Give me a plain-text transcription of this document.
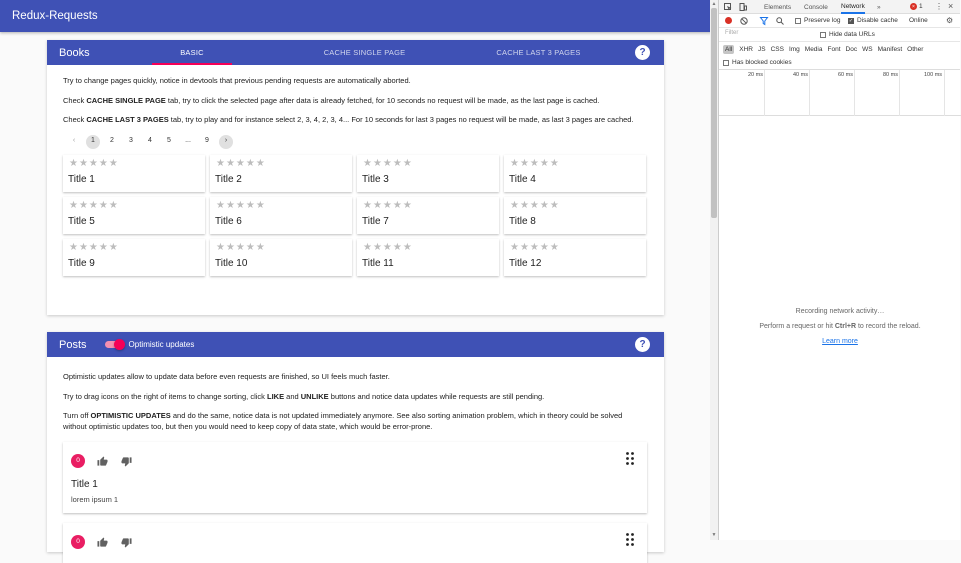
Redux-Requests
Books	BASIC	CACHE SINGLE PAGE	CACHE LAST 3 PAGES	?

Try to change pages quickly, notice in devtools that previous pending requests are automatically aborted.

Check CACHE SINGLE PAGE tab, try to click the selected page after data is already fetched, for 10 seconds no request will be made, as the last page is cached.

Check CACHE LAST 3 PAGES tab, try to play and for instance select 2, 3, 4, 2, 3, 4... For 10 seconds for last 3 pages no request will be made, as last 3 pages are cached.

‹	1	2	3	4	5	...	9	›
★★★★★
Title 1
★★★★★
Title 2
★★★★★
Title 3
★★★★★
Title 4
★★★★★
Title 5
★★★★★
Title 6
★★★★★
Title 7
★★★★★
Title 8
★★★★★
Title 9
★★★★★
Title 10
★★★★★
Title 11
★★★★★
Title 12
Posts	Optimistic updates	?

Optimistic updates allow to update data before even requests are finished, so UI feels much faster.

Try to drag icons on the right of items to change sorting, click LIKE and UNLIKE buttons and notice data updates while requests are still pending.

Turn off OPTIMISTIC UPDATES and do the same, notice data is not updated immediately anymore. See also sorting animation problem, which in theory could be solved without optimistic updates too, but then you would need to keep copy of data state, which would be error-prone.

0
Title 1
lorem ipsum 1
0
▲
▼
Elements Console Network »	× 1 ⋮ ×
Preserve log ✓ Disable cache Online ⚙
Filter	Hide data URLs
All	XHR JS CSS Img Media Font Doc WS Manifest Other
Has blocked cookies
20 ms	40 ms	60 ms	80 ms	100 ms
Recording network activity…
Perform a request or hit Ctrl+R to record the reload.
Learn more
